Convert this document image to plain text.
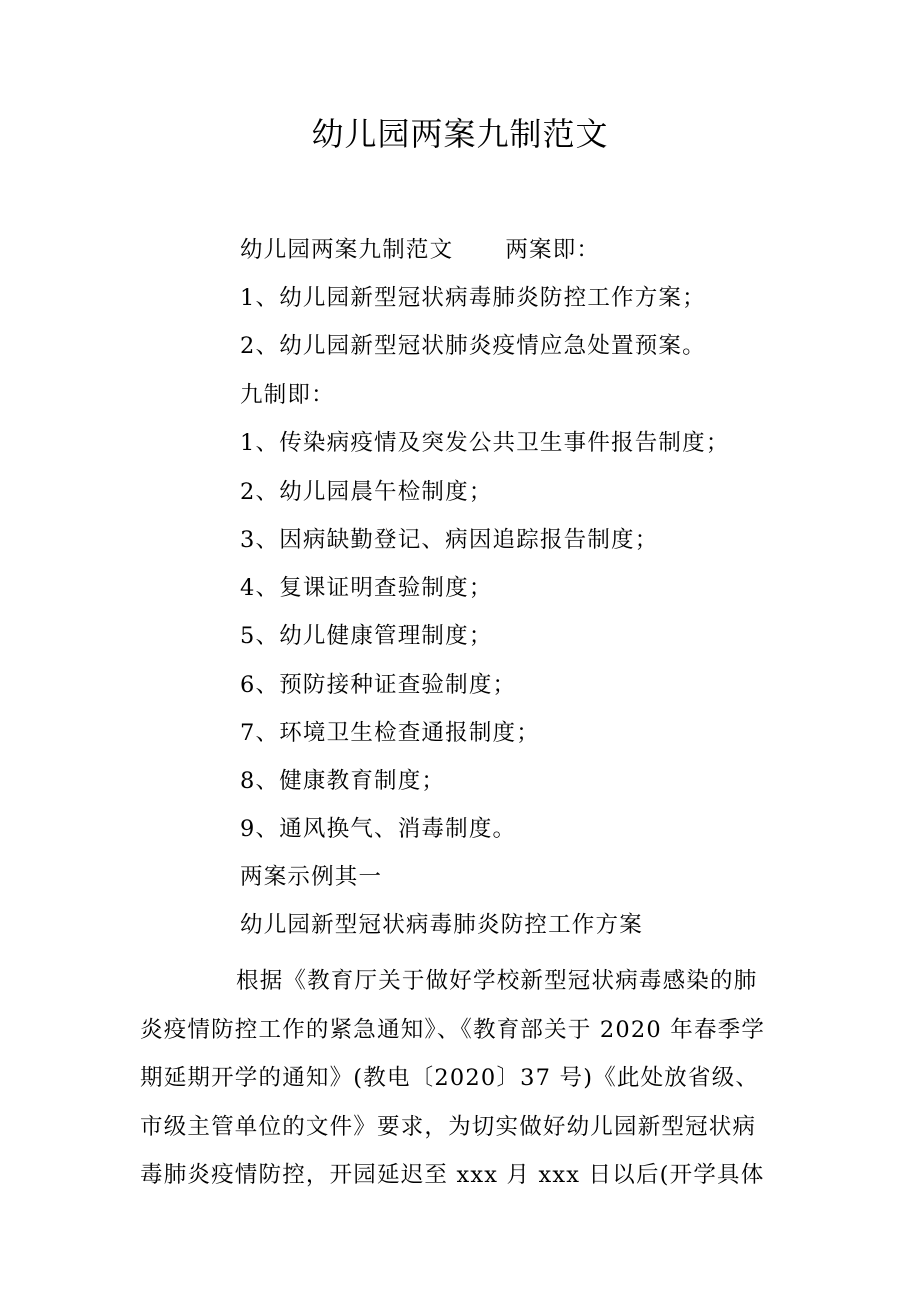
幼儿园两案九制范文
幼儿园两案九制范文 两案即：
1、幼儿园新型冠状病毒肺炎防控工作方案；
2、幼儿园新型冠状肺炎疫情应急处置预案。
九制即：
1、传染病疫情及突发公共卫生事件报告制度；
2、幼儿园晨午检制度；
3、因病缺勤登记、病因追踪报告制度；
4、复课证明查验制度；
5、幼儿健康管理制度；
6、预防接种证查验制度；
7、环境卫生检查通报制度；
8、健康教育制度；
9、通风换气、消毒制度。
两案示例其一
幼儿园新型冠状病毒肺炎防控工作方案

根据《教育厅关于做好学校新型冠状病毒感染的肺

炎疫情防控工作的紧急通知》、《教育部关于 2020 年春季学

期延期开学的通知》(教电〔2020〕37 号)《此处放省级、

市级主管单位的文件》要求，为切实做好幼儿园新型冠状病

毒肺炎疫情防控，开园延迟至 xxx 月 xxx 日以后(开学具体
